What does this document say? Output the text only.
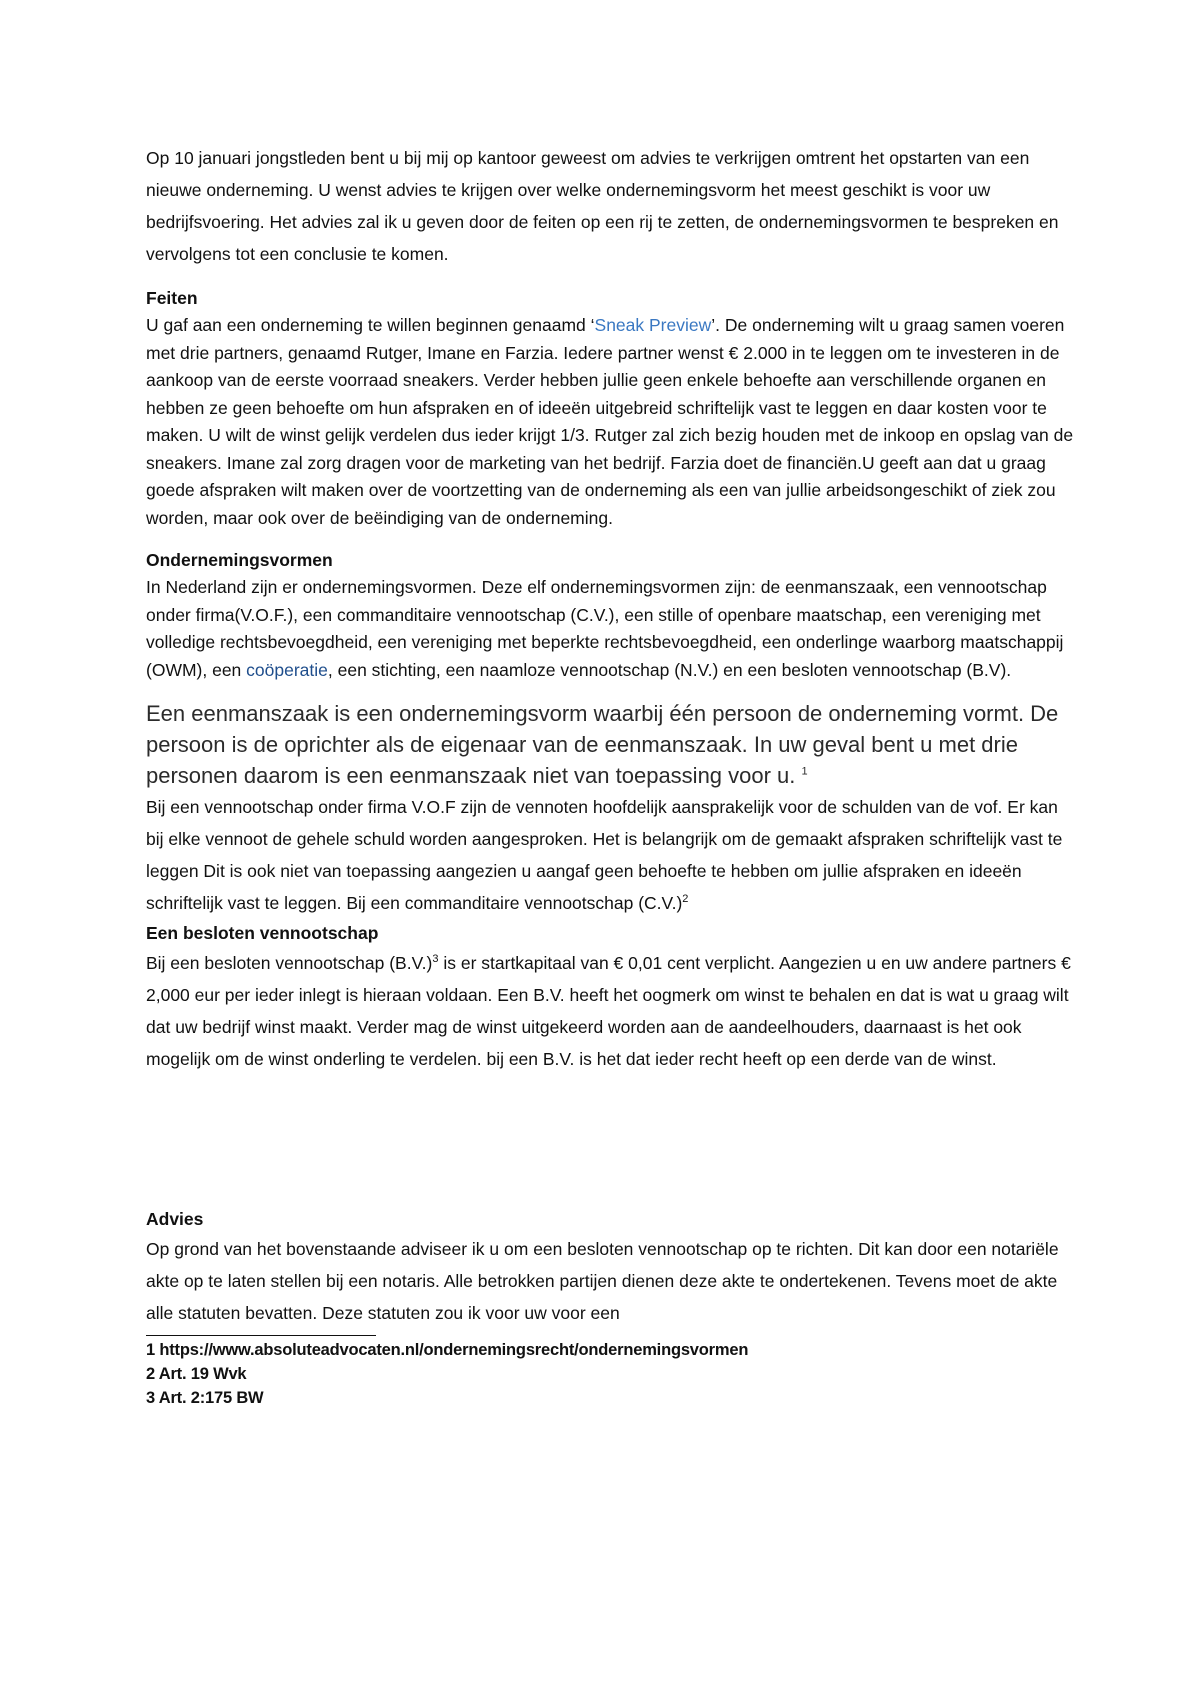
Op 10 januari jongstleden bent u bij mij op kantoor geweest om advies te verkrijgen omtrent het opstarten van een nieuwe onderneming. U wenst advies te krijgen over welke ondernemingsvorm het meest geschikt is voor uw bedrijfsvoering. Het advies zal ik u geven door de feiten op een rij te zetten, de ondernemingsvormen te bespreken en vervolgens tot een conclusie te komen.

Feiten

U gaf aan een onderneming te willen beginnen genaamd ‘Sneak Preview’. De onderneming wilt u graag samen voeren met drie partners, genaamd Rutger, Imane en Farzia. Iedere partner wenst € 2.000 in te leggen om te investeren in de aankoop van de eerste voorraad sneakers. Verder hebben jullie geen enkele behoefte aan verschillende organen en hebben ze geen behoefte om hun afspraken en of ideeën uitgebreid schriftelijk vast te leggen en daar kosten voor te maken. U wilt de winst gelijk verdelen dus ieder krijgt 1/3. Rutger zal zich bezig houden met de inkoop en opslag van de sneakers. Imane zal zorg dragen voor de marketing van het bedrijf. Farzia doet de financiën.U geeft aan dat u graag goede afspraken wilt maken over de voortzetting van de onderneming als een van jullie arbeidsongeschikt of ziek zou worden, maar ook over de beëindiging van de onderneming.

Ondernemingsvormen

In Nederland zijn er ondernemingsvormen. Deze elf ondernemingsvormen zijn: de eenmanszaak, een vennootschap onder firma(V.O.F.), een commanditaire vennootschap (C.V.), een stille of openbare maatschap, een vereniging met volledige rechtsbevoegdheid, een vereniging met beperkte rechtsbevoegdheid, een onderlinge waarborg maatschappij (OWM), een coöperatie, een stichting, een naamloze vennootschap (N.V.) en een besloten vennootschap (B.V).

Een eenmanszaak is een ondernemingsvorm waarbij één persoon de onderneming vormt. De persoon is de oprichter als de eigenaar van de eenmanszaak. In uw geval bent u met drie personen daarom is een eenmanszaak niet van toepassing voor u. $^1$

Bij een vennootschap onder firma V.O.F zijn de vennoten hoofdelijk aansprakelijk voor de schulden van de vof. Er kan bij elke vennoot de gehele schuld worden aangesproken. Het is belangrijk om de gemaakt afspraken schriftelijk vast te leggen Dit is ook niet van toepassing aangezien u aangaf geen behoefte te hebben om jullie afspraken en ideeën schriftelijk vast te leggen. Bij een commanditaire vennootschap $(C.V.)^2$

Een besloten vennootschap

Bij een besloten vennootschap $(B.V.)^3$ is er startkapitaal van € 0,01 cent verplicht. Aangezien u en uw andere partners € 2,000 eur per ieder inlegt is hieraan voldaan. Een B.V. heeft het oogmerk om winst te behalen en dat is wat u graag wilt dat uw bedrijf winst maakt. Verder mag de winst uitgekeerd worden aan de aandeelhouders, daarnaast is het ook mogelijk om de winst onderling te verdelen. bij een B.V. is het dat ieder recht heeft op een derde van de winst.

Advies

Op grond van het bovenstaande adviseer ik u om een besloten vennootschap op te richten. Dit kan door een notariële akte op te laten stellen bij een notaris. Alle betrokken partijen dienen deze akte te ondertekenen. Tevens moet de akte alle statuten bevatten. Deze statuten zou ik voor uw voor een

1 https://www.absoluteadvocaten.nl/ondernemingsrecht/ondernemingsvormen

2 Art. 19 Wvk

3 Art. 2:175 BW
